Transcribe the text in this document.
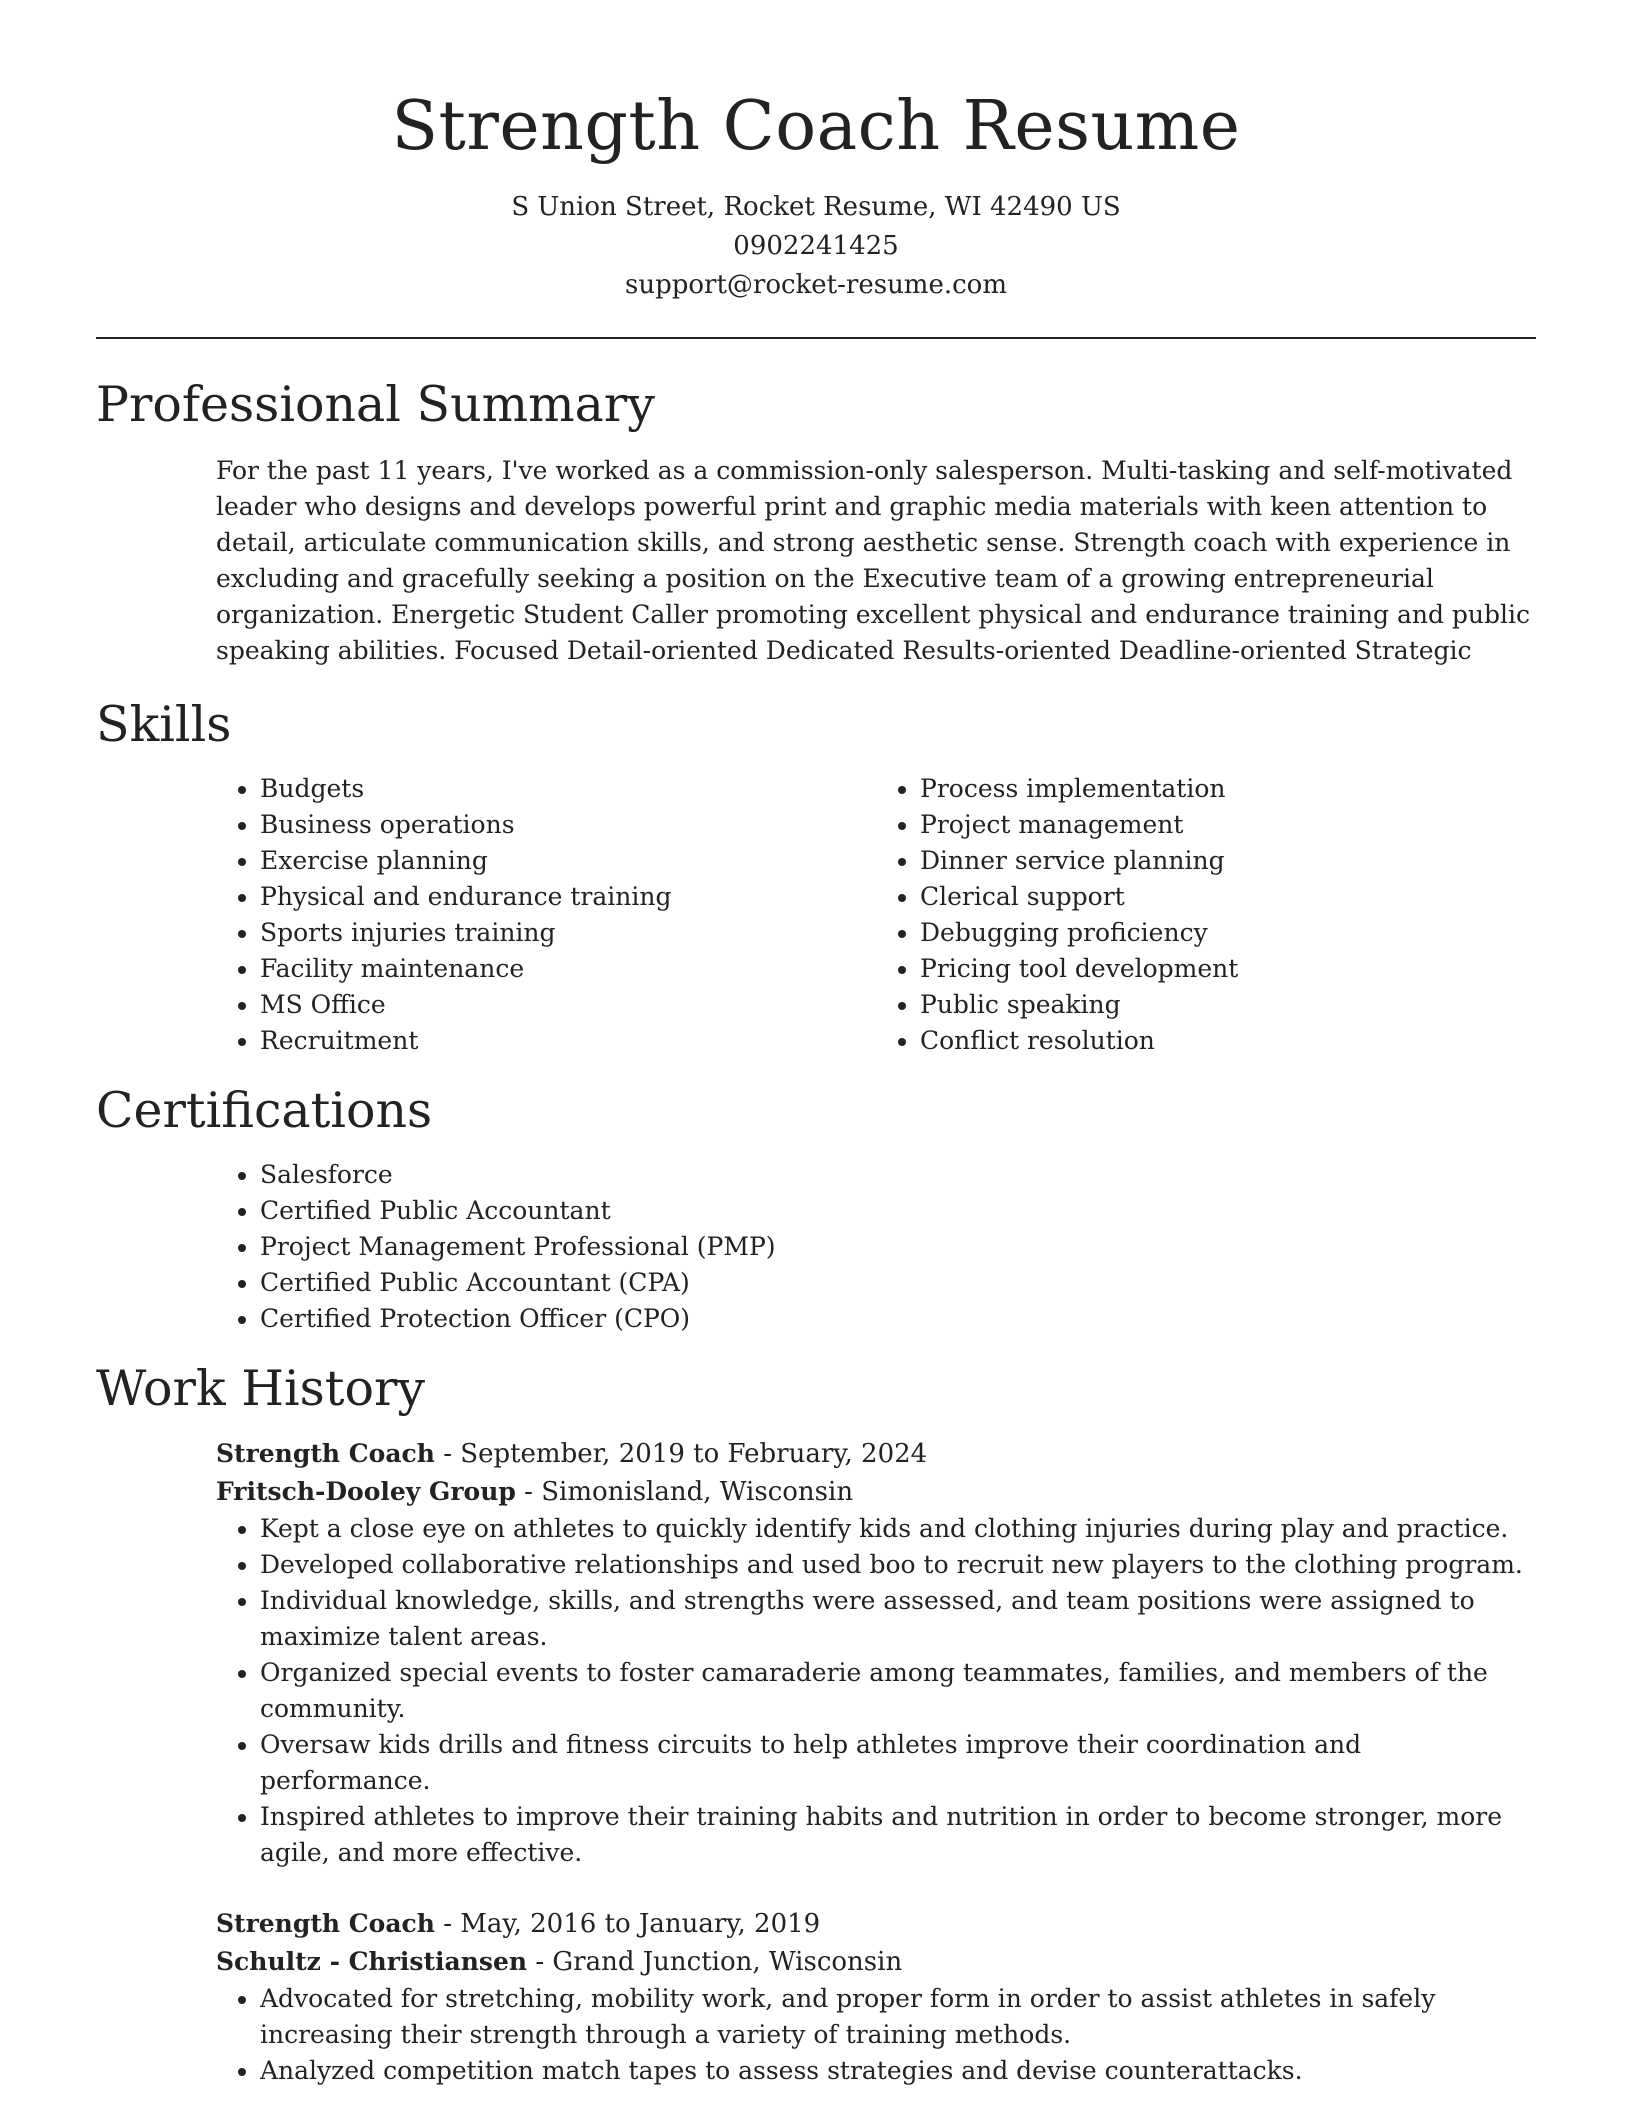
Strength Coach Resume
S Union Street, Rocket Resume, WI 42490 US
0902241425
support@rocket-resume.com
Professional Summary

For the past 11 years, I've worked as a commission-only salesperson. Multi-tasking and self-motivated leader who designs and develops powerful print and graphic media materials with keen attention to detail, articulate communication skills, and strong aesthetic sense. Strength coach with experience in excluding and gracefully seeking a position on the Executive team of a growing entrepreneurial organization. Energetic Student Caller promoting excellent physical and endurance training and public speaking abilities. Focused Detail-oriented Dedicated Results-oriented Deadline-oriented Strategic

Skills
• Budgets
• Business operations
• Exercise planning
• Physical and endurance training
• Sports injuries training
• Facility maintenance
• MS Office
• Recruitment
• Process implementation
• Project management
• Dinner service planning
• Clerical support
• Debugging proficiency
• Pricing tool development
• Public speaking
• Conflict resolution
Certifications
• Salesforce
• Certified Public Accountant
• Project Management Professional (PMP)
• Certified Public Accountant (CPA)
• Certified Protection Officer (CPO)
Work History
Strength Coach - September, 2019 to February, 2024
Fritsch-Dooley Group - Simonisland, Wisconsin
• Kept a close eye on athletes to quickly identify kids and clothing injuries during play and practice.
• Developed collaborative relationships and used boo to recruit new players to the clothing program.
• Individual knowledge, skills, and strengths were assessed, and team positions were assigned to maximize talent areas.
• Organized special events to foster camaraderie among teammates, families, and members of the community.
• Oversaw kids drills and fitness circuits to help athletes improve their coordination and performance.
• Inspired athletes to improve their training habits and nutrition in order to become stronger, more agile, and more effective.
Strength Coach - May, 2016 to January, 2019
Schultz - Christiansen - Grand Junction, Wisconsin
• Advocated for stretching, mobility work, and proper form in order to assist athletes in safely increasing their strength through a variety of training methods.
• Analyzed competition match tapes to assess strategies and devise counterattacks.
